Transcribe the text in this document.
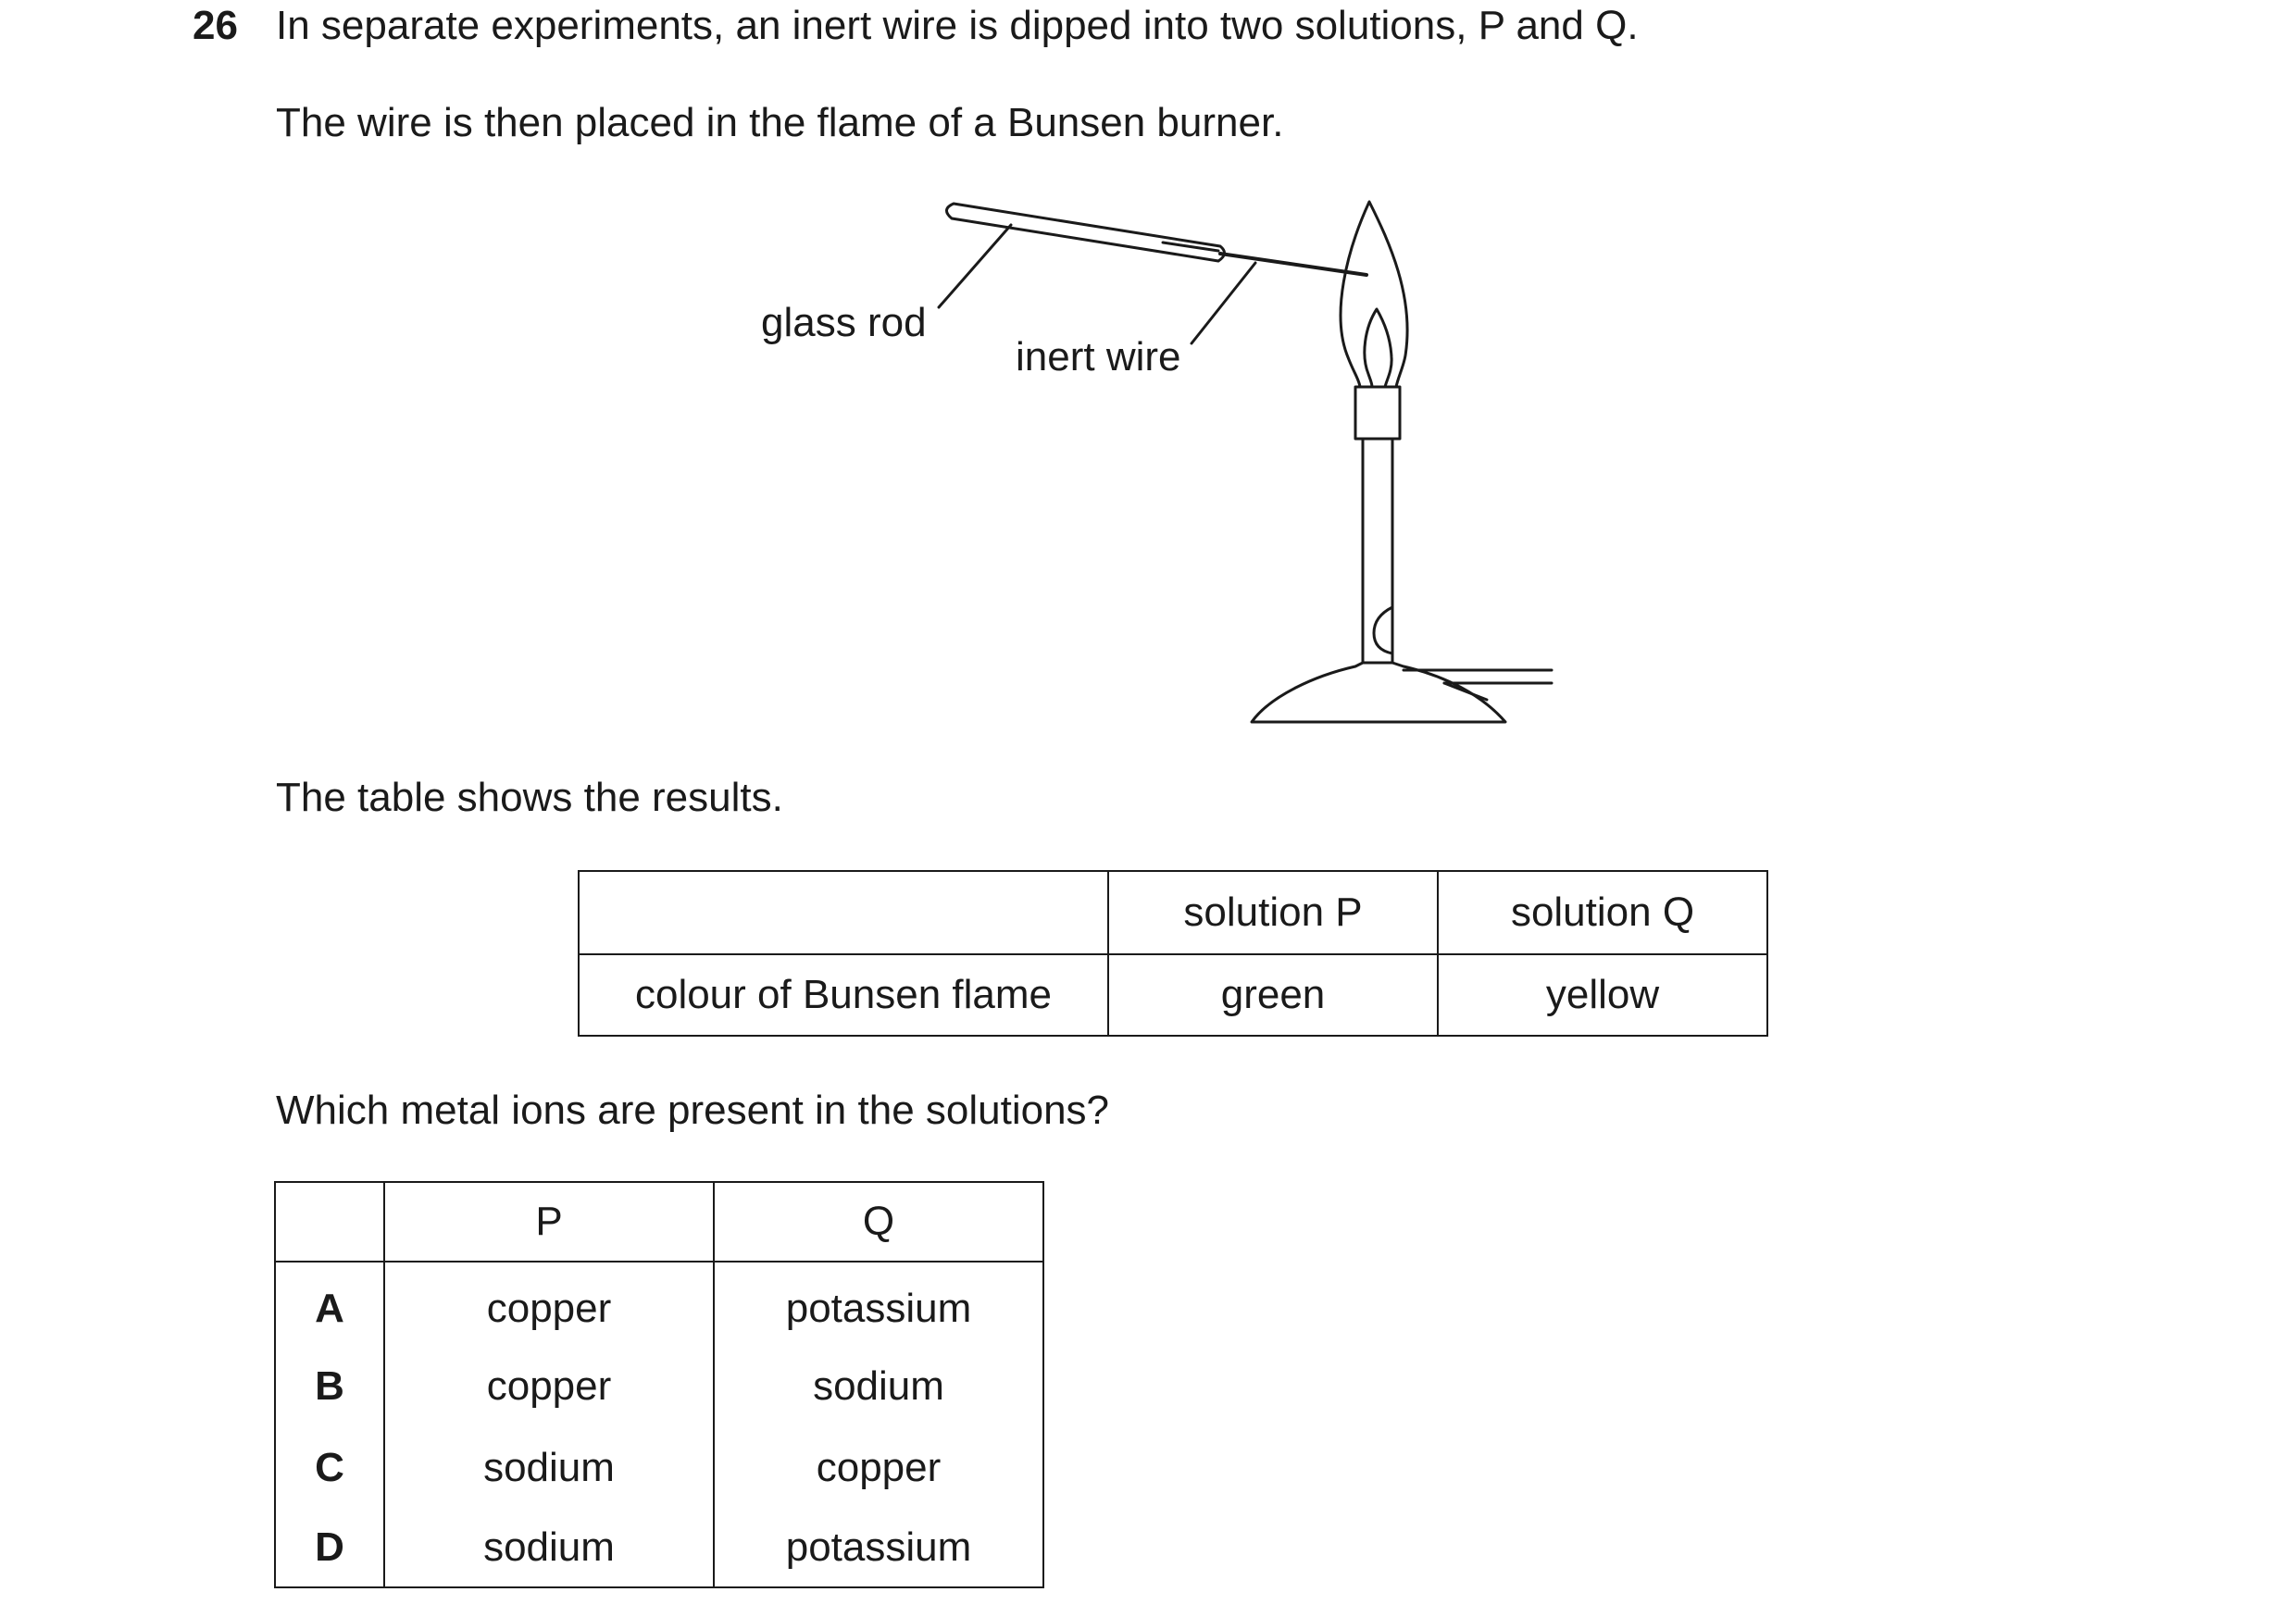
26 In separate experiments, an inert wire is dipped into two solutions, P and Q.
The wire is then placed in the flame of a Bunsen burner.
glass rod
inert wire
The table shows the results.
	solution P	solution Q
colour of Bunsen flame	green	yellow
Which metal ions are present in the solutions?
	P	Q
A	copper	potassium
B	copper	sodium
C	sodium	copper
D	sodium	potassium
